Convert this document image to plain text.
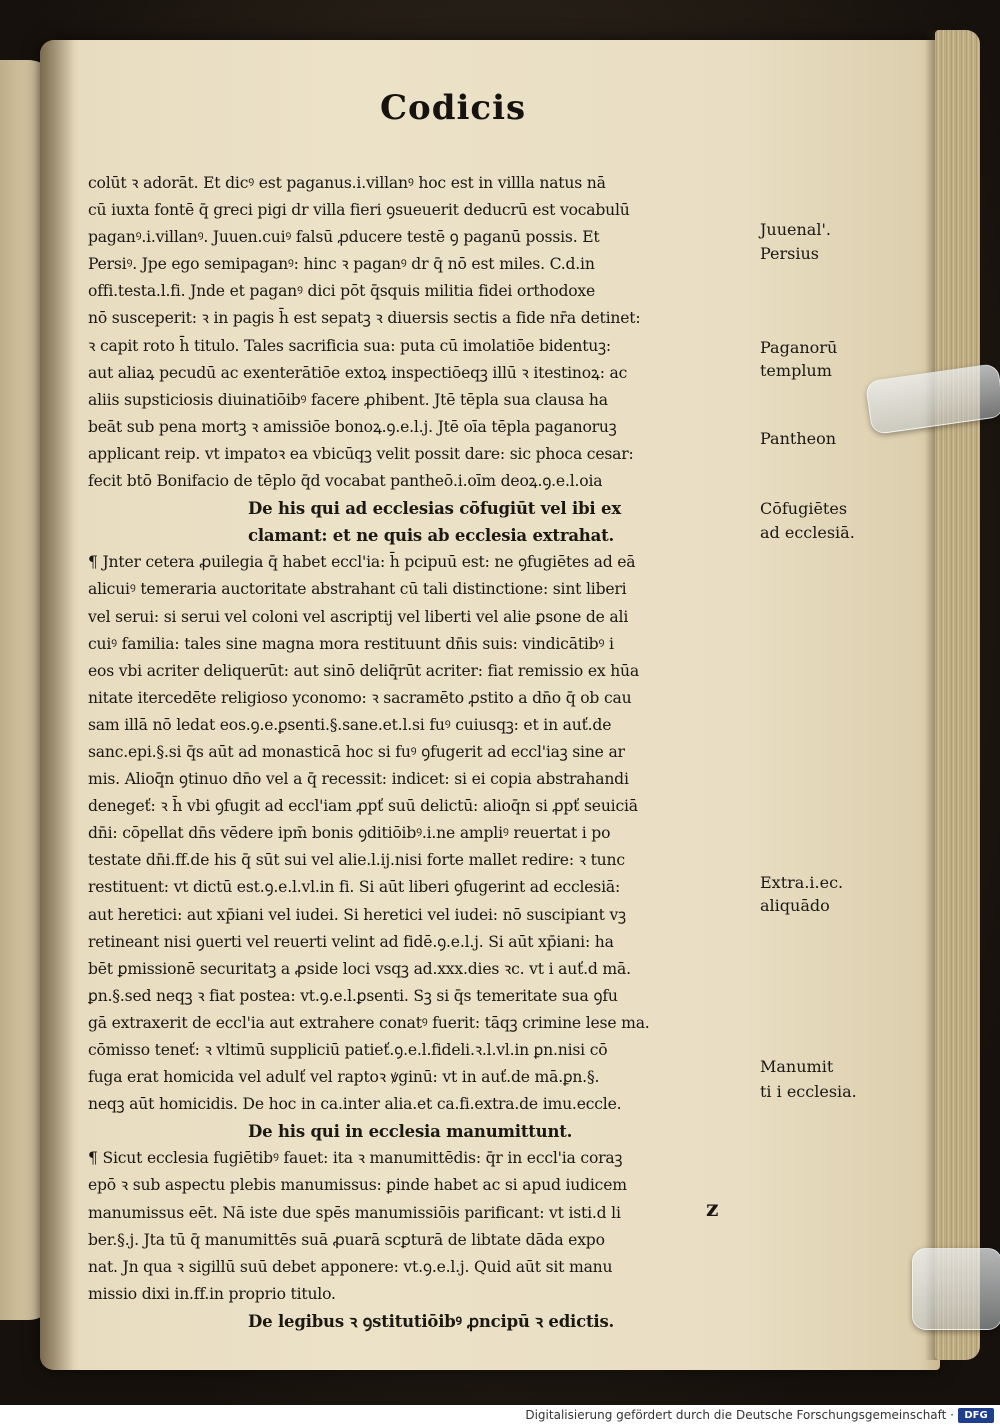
Codicis
colūt ꝛ adorāt. Et dicꝰ est paganus.i.villanꝰ hoc est in villla natus nā
cū iuxta fontē q̄ greci pigi dr villa fieri ꝯsueuerit deducrū est vocabulū
paganꝰ.i.villanꝰ. Juuen.cuiꝰ falsū ꝓducere testē ꝯ paganū possis. Et
Persiꝰ. Jpe ego semipaganꝰ: hinc ꝛ paganꝰ dr q̄ nō est miles. C.d.in
offi.testa.l.fi. Jnde et paganꝰ dici pōt q̄squis militia fidei orthodoxe
nō susceperit: ꝛ in pagis h̄ est sepatꝫ ꝛ diuersis sectis a fide nr̄a detinet:
ꝛ capit roto h̄ titulo. Tales sacrificia sua: puta cū imolatiōe bidentuꝫ:
aut aliaꝝ pecudū ac exenterātiōe extoꝝ inspectiōeqꝫ illū ꝛ itestinoꝝ: ac
aliis supsticiosis diuinatiōibꝰ facere ꝓhibent. Jtē tēpla sua clausa ha
beāt sub pena mortꝫ ꝛ amissiōe bonoꝝ.ꝯ.e.l.j. Jtē oīa tēpla paganoruꝫ
applicant reip. vt impatoꝛ ea vbicūqꝫ velit possit dare: sic phoca cesar:
fecit btō Bonifacio de tēplo q̄d vocabat pantheō.i.oīm deoꝝ.ꝯ.e.l.oia
De his qui ad ecclesias cōfugiūt vel ibi ex
clamant: et ne quis ab ecclesia extrahat.
¶ Jnter cetera ꝓuilegia q̄ habet eccl'ia: h̄ pcipuū est: ne ꝯfugiētes ad eā
alicuiꝰ temeraria auctoritate abstrahant cū tali distinctione: sint liberi
vel serui: si serui vel coloni vel ascriptij vel liberti vel alie ꝑsone de ali
cuiꝰ familia: tales sine magna mora restituunt dn̄is suis: vindicātibꝰ i
eos vbi acriter deliquerūt: aut sinō deliq̄rūt acriter: fiat remissio ex hūa
nitate itercedēte religioso yconomo: ꝛ sacramēto ꝓstito a dn̄o q̄ ob cau
sam illā nō ledat eos.ꝯ.e.ꝑsenti.§.sane.et.l.si fuꝰ cuiusqꝫ: et in auť.de
sanc.epi.§.si q̄s aūt ad monasticā hoc si fuꝰ ꝯfugerit ad eccl'iaꝫ sine ar
mis. Alioq̄n ꝯtinuo dn̄o vel a q̄ recessit: indicet: si ei copia abstrahandi
denegeť: ꝛ h̄ vbi ꝯfugit ad eccl'iam ꝓpť suū delictū: alioq̄n si ꝓpť seuiciā
dn̄i: cōpellat dn̄s vēdere ipm̄ bonis ꝯditiōibꝰ.i.ne ampliꝰ reuertat i po
testate dn̄i.ff.de his q̄ sūt sui vel alie.l.ij.nisi forte mallet redire: ꝛ tunc
restituent: vt dictū est.ꝯ.e.l.vl.in fi. Si aūt liberi ꝯfugerint ad ecclesiā:
aut heretici: aut xp̄iani vel iudei. Si heretici vel iudei: nō suscipiant vꝫ
retineant nisi ꝯuerti vel reuerti velint ad fidē.ꝯ.e.l.j. Si aūt xp̄iani: ha
bēt ꝑmissionē securitatꝫ a ꝓside loci vsqꝫ ad.xxx.dies ꝛc. vt i auť.d mā.
ꝑn.§.sed neqꝫ ꝛ fiat postea: vt.ꝯ.e.l.ꝑsenti. Sꝫ si q̄s temeritate sua ꝯfu
gā extraxerit de eccl'ia aut extrahere conatꝰ fuerit: tāqꝫ crimine lese ma.
cōmisso teneť: ꝛ vltimū suppliciū patieť.ꝯ.e.l.fideli.ꝛ.l.vl.in ꝑn.nisi cō
fuga erat homicida vel adulť vel raptoꝛ ꝟginū: vt in auť.de mā.ꝑn.§.
neqꝫ aūt homicidis. De hoc in ca.inter alia.et ca.fi.extra.de imu.eccle.
De his qui in ecclesia manumittunt.
¶ Sicut ecclesia fugiētibꝰ fauet: ita ꝛ manumittēdis: q̄r in eccl'ia coraꝫ
epō ꝛ sub aspectu plebis manumissus: ꝑinde habet ac si apud iudicem
manumissus eēt. Nā iste due spēs manumissiōis parificant: vt isti.d li
ber.§.j. Jta tū q̄ manumittēs suā ꝓuarā scꝑturā de libtate dāda expo
nat. Jn qua ꝛ sigillū suū debet apponere: vt.ꝯ.e.l.j. Quid aūt sit manu
missio dixi in.ff.in proprio titulo.
De legibus ꝛ ꝯstitutiōibꝰ ꝓncipū ꝛ edictis.
Juuenal'.
Persius
Paganorū
templum
Pantheon
Cōfugiētes
ad ecclesiā.
Extra.i.ec.
aliquādo
Manumit
ti i ecclesia.
z
Digitalisierung gefördert durch die Deutsche Forschungsgemeinschaft ·	DFG
